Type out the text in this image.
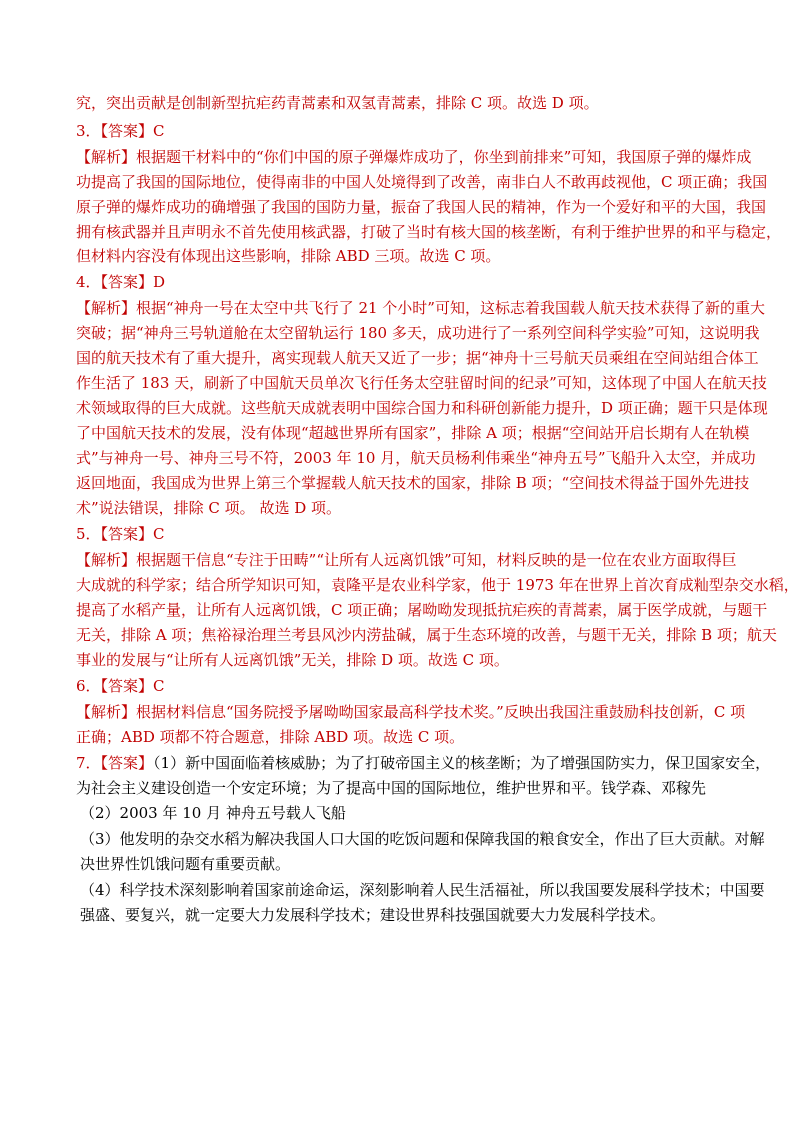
究，突出贡献是创制新型抗疟药青蒿素和双氢青蒿素，排除 C 项。故选 D 项。
3．【答案】C
【解析】根据题干材料中的“你们中国的原子弹爆炸成功了，你坐到前排来”可知，我国原子弹的爆炸成
功提高了我国的国际地位，使得南非的中国人处境得到了改善，南非白人不敢再歧视他，C 项正确；我国
原子弹的爆炸成功的确增强了我国的国防力量，振奋了我国人民的精神，作为一个爱好和平的大国，我国
拥有核武器并且声明永不首先使用核武器，打破了当时有核大国的核垄断，有利于维护世界的和平与稳定，
但材料内容没有体现出这些影响，排除 ABD 三项。故选 C 项。
4．【答案】D
【解析】根据“神舟一号在太空中共飞行了 21 个小时”可知，这标志着我国载人航天技术获得了新的重大
突破；据“神舟三号轨道舱在太空留轨运行 180 多天，成功进行了一系列空间科学实验”可知，这说明我
国的航天技术有了重大提升，离实现载人航天又近了一步；据“神舟十三号航天员乘组在空间站组合体工
作生活了 183 天，刷新了中国航天员单次飞行任务太空驻留时间的纪录”可知，这体现了中国人在航天技
术领域取得的巨大成就。这些航天成就表明中国综合国力和科研创新能力提升，D 项正确；题干只是体现
了中国航天技术的发展，没有体现“超越世界所有国家”，排除 A 项；根据“空间站开启长期有人在轨模
式”与神舟一号、神舟三号不符，2003 年 10 月，航天员杨利伟乘坐“神舟五号”飞船升入太空，并成功
返回地面，我国成为世界上第三个掌握载人航天技术的国家，排除 B 项；“空间技术得益于国外先进技
术”说法错误，排除 C 项。 故选 D 项。
5．【答案】C
【解析】根据题干信息“专注于田畴”“让所有人远离饥饿”可知，材料反映的是一位在农业方面取得巨
大成就的科学家；结合所学知识可知，袁隆平是农业科学家，他于 1973 年在世界上首次育成籼型杂交水稻，
提高了水稻产量，让所有人远离饥饿，C 项正确；屠呦呦发现抵抗疟疾的青蒿素，属于医学成就，与题干
无关，排除 A 项；焦裕禄治理兰考县风沙内涝盐碱，属于生态环境的改善，与题干无关，排除 B 项；航天
事业的发展与“让所有人远离饥饿”无关，排除 D 项。故选 C 项。
6．【答案】C
【解析】根据材料信息“国务院授予屠呦呦国家最高科学技术奖。”反映出我国注重鼓励科技创新，C 项
正确；ABD 项都不符合题意，排除 ABD 项。故选 C 项。
7．【答案】（1）新中国面临着核威胁；为了打破帝国主义的核垄断；为了增强国防实力，保卫国家安全，
为社会主义建设创造一个安定环境；为了提高中国的国际地位，维护世界和平。钱学森、邓稼先
（2）2003 年 10 月 神舟五号载人飞船
（3）他发明的杂交水稻为解决我国人口大国的吃饭问题和保障我国的粮食安全，作出了巨大贡献。对解
决世界性饥饿问题有重要贡献。
（4）科学技术深刻影响着国家前途命运，深刻影响着人民生活福祉，所以我国要发展科学技术；中国要
强盛、要复兴，就一定要大力发展科学技术；建设世界科技强国就要大力发展科学技术。
